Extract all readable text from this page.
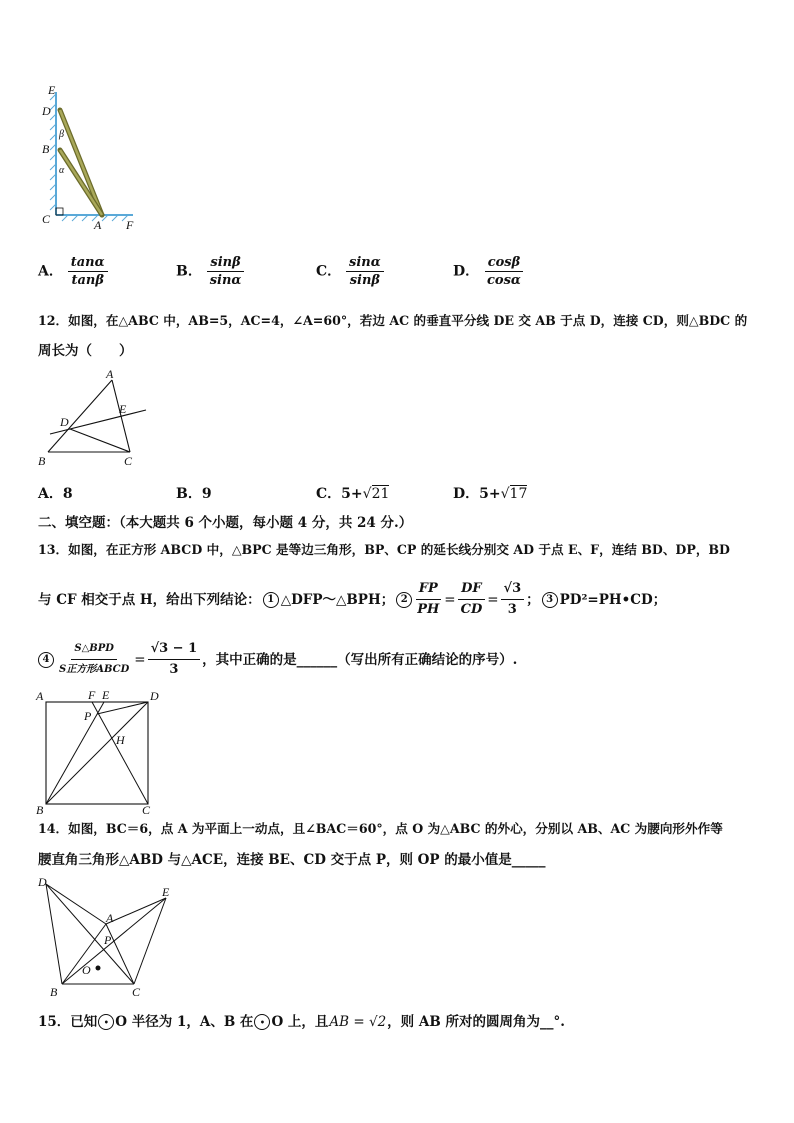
E
D
B
C	A F
β
α
A． $\frac{\tan\alpha}{\tan\beta}$	B． $\frac{\sin\beta}{\sin\alpha}$	C． $\frac{\sin\alpha}{\sin\beta}$	D． $\frac{\cos\beta}{\cos\alpha}$
12．如图，在△ABC 中，AB=5，AC=4，∠A=60°，若边 AC 的垂直平分线 DE 交 AB 于点 D，连接 CD，则△BDC 的
周长为（　　）
A
D
E
B	C
A．8	B．9	C．5+√21	D．5+√17
二、填空题：（本大题共 6 个小题，每小题 4 分，共 24 分.）
13．如图，在正方形 ABCD 中，△BPC 是等边三角形，BP、CP 的延长线分别交 AD 于点 E、F，连结 BD、DP，BD
与 CF 相交于点 H，给出下列结论： 1 △DFP～△BPH； $2 \frac{FP}{PH} = \frac{DF}{CD} = \frac{√3}{3}$ ； 3 PD²=PH•CD；
$4 \frac{\text{S△BPD}}{\text{S正方形ABCD}} = \frac{√3 - 1}{3}$ ，其中正确的是______（写出所有正确结论的序号）.
A	F E	D
P
H
B	C
14．如图，BC＝6，点 A 为平面上一动点，且∠BAC＝60°，点 O 为△ABC 的外心，分别以 AB、AC 为腰向形外作等
腰直角三角形△ABD 与△ACE，连接 BE、CD 交于点 P，则 OP 的最小值是_____
D
E
A
P
O
B	C
15．已知 • O 半径为 1，A、B 在 • O 上，且 AB = √2 ，则 AB 所对的圆周角为__°.
